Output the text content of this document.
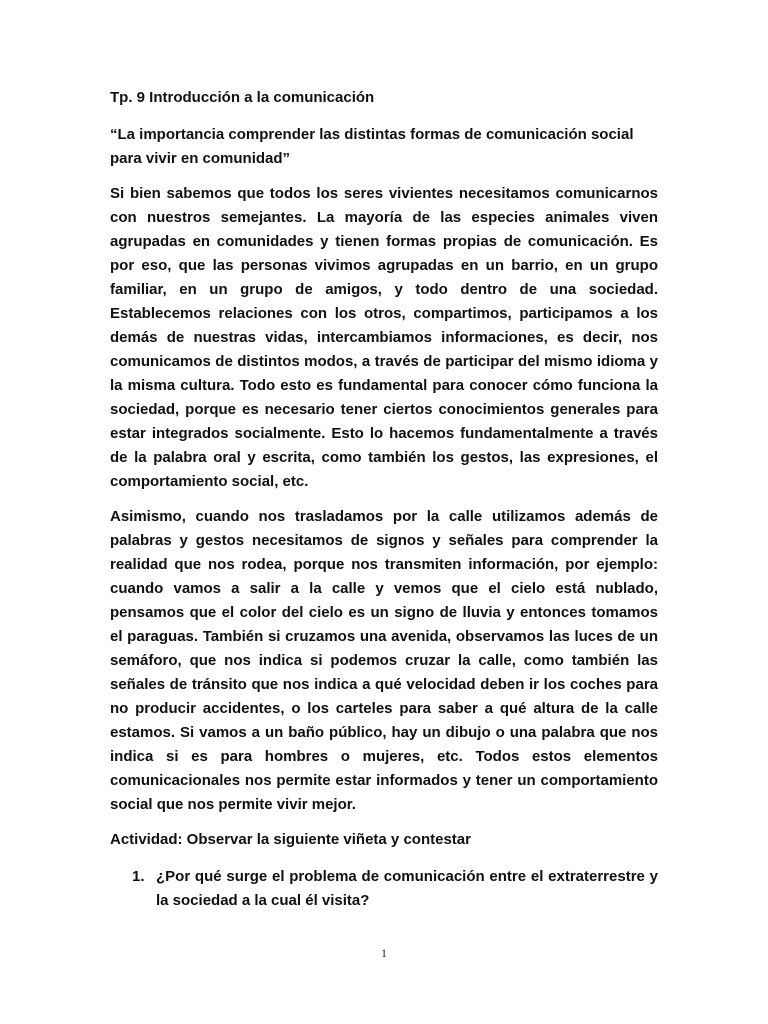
Tp. 9 Introducción a la comunicación

“La importancia comprender las distintas formas de comunicación social para vivir en comunidad”

Si bien sabemos que todos los seres vivientes necesitamos comunicarnos con nuestros semejantes. La mayoría de las especies animales viven agrupadas en comunidades y tienen formas propias de comunicación. Es por eso, que las personas vivimos agrupadas en un barrio, en un grupo familiar, en un grupo de amigos, y todo dentro de una sociedad. Establecemos relaciones con los otros, compartimos, participamos a los demás de nuestras vidas, intercambiamos informaciones, es decir, nos comunicamos de distintos modos, a través de participar del mismo idioma y la misma cultura. Todo esto es fundamental para conocer cómo funciona la sociedad, porque es necesario tener ciertos conocimientos generales para estar integrados socialmente. Esto lo hacemos fundamentalmente a través de la palabra oral y escrita, como también los gestos, las expresiones, el comportamiento social, etc.

Asimismo, cuando nos trasladamos por la calle utilizamos además de palabras y gestos necesitamos de signos y señales para comprender la realidad que nos rodea, porque nos transmiten información, por ejemplo: cuando vamos a salir a la calle y vemos que el cielo está nublado, pensamos que el color del cielo es un signo de lluvia y entonces tomamos el paraguas. También si cruzamos una avenida, observamos las luces de un semáforo, que nos indica si podemos cruzar la calle, como también las señales de tránsito que nos indica a qué velocidad deben ir los coches para no producir accidentes, o los carteles para saber a qué altura de la calle estamos. Si vamos a un baño público, hay un dibujo o una palabra que nos indica si es para hombres o mujeres, etc. Todos estos elementos comunicacionales nos permite estar informados y tener un comportamiento social que nos permite vivir mejor.

Actividad: Observar la siguiente viñeta y contestar

1. ¿Por qué surge el problema de comunicación entre el extraterrestre y la sociedad a la cual él visita?
1
